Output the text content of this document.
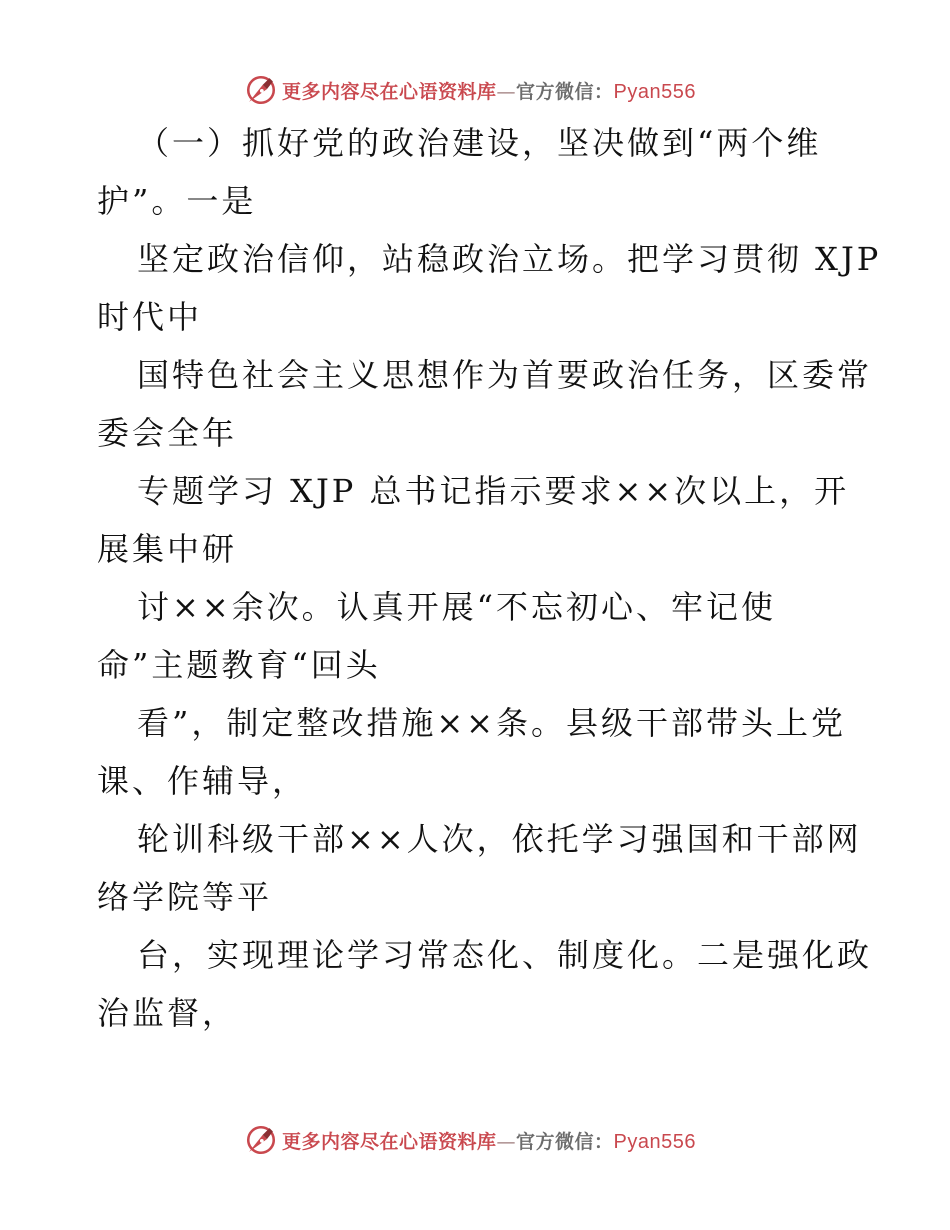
更多内容尽在心语资料库—官方微信：Pyan556
（一）抓好党的政治建设，坚决做到“两个维
护”。一是
坚定政治信仰，站稳政治立场。把学习贯彻 XJP
时代中
国特色社会主义思想作为首要政治任务，区委常
委会全年
专题学习 XJP 总书记指示要求××次以上，开
展集中研
讨××余次。认真开展“不忘初心、牢记使
命”主题教育“回头
看”，制定整改措施××条。县级干部带头上党
课、作辅导，
轮训科级干部××人次，依托学习强国和干部网
络学院等平
台，实现理论学习常态化、制度化。二是强化政
治监督，
更多内容尽在心语资料库—官方微信：Pyan556
